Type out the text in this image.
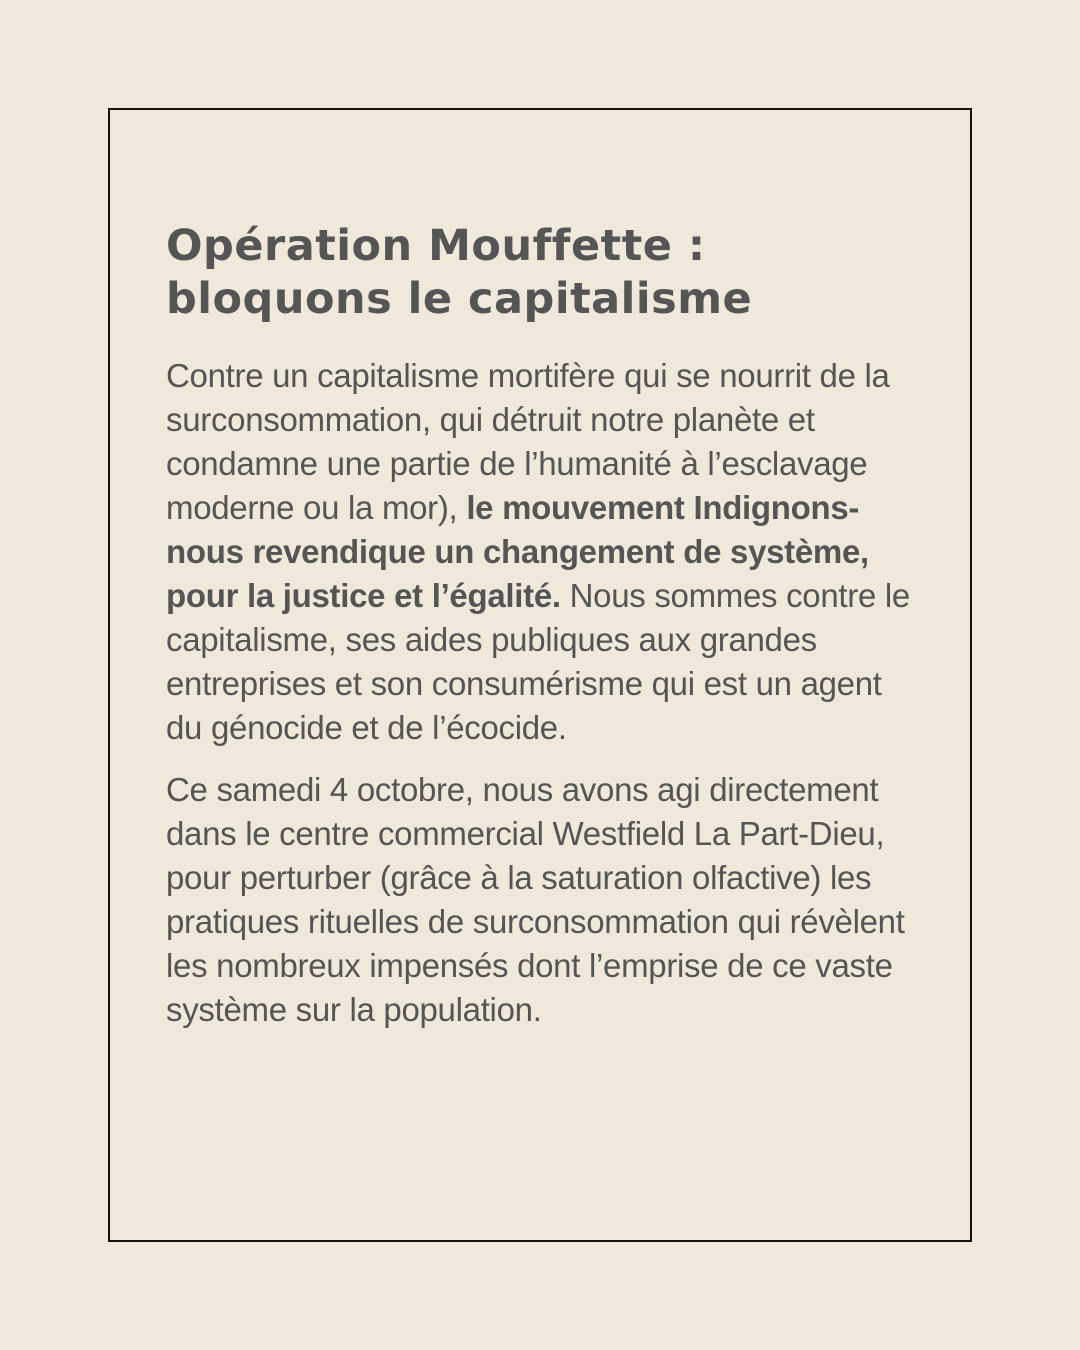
Opération Mouffette :
bloquons le capitalisme

Contre un capitalisme mortifère qui se nourrit de la surconsommation, qui détruit notre planète et condamne une partie de l’humanité à l’esclavage moderne ou la mor), le mouvement Indignons-nous revendique un changement de système, pour la justice et l’égalité. Nous sommes contre le capitalisme, ses aides publiques aux grandes entreprises et son consumérisme qui est un agent du génocide et de l’écocide.

Ce samedi 4 octobre, nous avons agi directement dans le centre commercial Westfield La Part-Dieu, pour perturber (grâce à la saturation olfactive) les pratiques rituelles de surconsommation qui révèlent les nombreux impensés dont l’emprise de ce vaste système sur la population.
